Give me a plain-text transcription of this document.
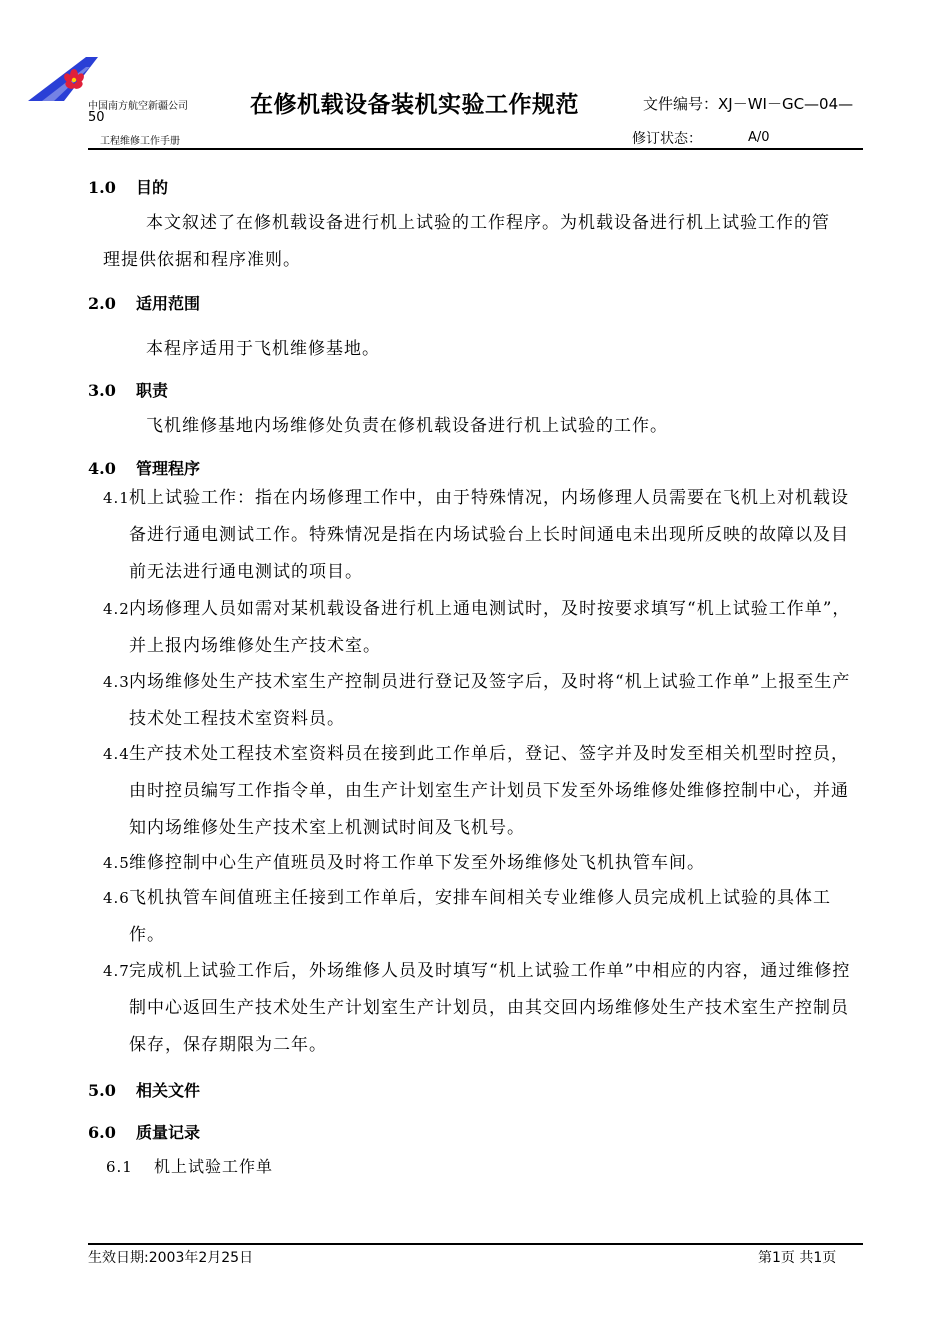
中国南方航空新疆公司
50
工程维修工作手册
在修机载设备装机实验工作规范	文件编号：XJ－WI－GC—04—
修订状态：	A/0
1.0 目的
本文叙述了在修机载设备进行机上试验的工作程序。为机载设备进行机上试验工作的管
理提供依据和程序准则。
2.0 适用范围
本程序适用于飞机维修基地。
3.0 职责
飞机维修基地内场维修处负责在修机载设备进行机上试验的工作。
4.0 管理程序
4.1 机上试验工作：指在内场修理工作中，由于特殊情况，内场修理人员需要在飞机上对机载设备进行通电测试工作。特殊情况是指在内场试验台上长时间通电未出现所反映的故障以及目前无法进行通电测试的项目。
4.2 内场修理人员如需对某机载设备进行机上通电测试时，及时按要求填写“机上试验工作单”，并上报内场维修处生产技术室。
4.3 内场维修处生产技术室生产控制员进行登记及签字后，及时将“机上试验工作单”上报至生产技术处工程技术室资料员。
4.4 生产技术处工程技术室资料员在接到此工作单后，登记、签字并及时发至相关机型时控员，由时控员编写工作指令单，由生产计划室生产计划员下发至外场维修处维修控制中心，并通知内场维修处生产技术室上机测试时间及飞机号。
4.5 维修控制中心生产值班员及时将工作单下发至外场维修处飞机执管车间。
4.6 飞机执管车间值班主任接到工作单后，安排车间相关专业维修人员完成机上试验的具体工作。
4.7 完成机上试验工作后，外场维修人员及时填写“机上试验工作单”中相应的内容，通过维修控制中心返回生产技术处生产计划室生产计划员，由其交回内场维修处生产技术室生产控制员保存，保存期限为二年。
5.0 相关文件
6.0 质量记录
6.1 机上试验工作单
生效日期:2003年2月25日	第1页 共1页
